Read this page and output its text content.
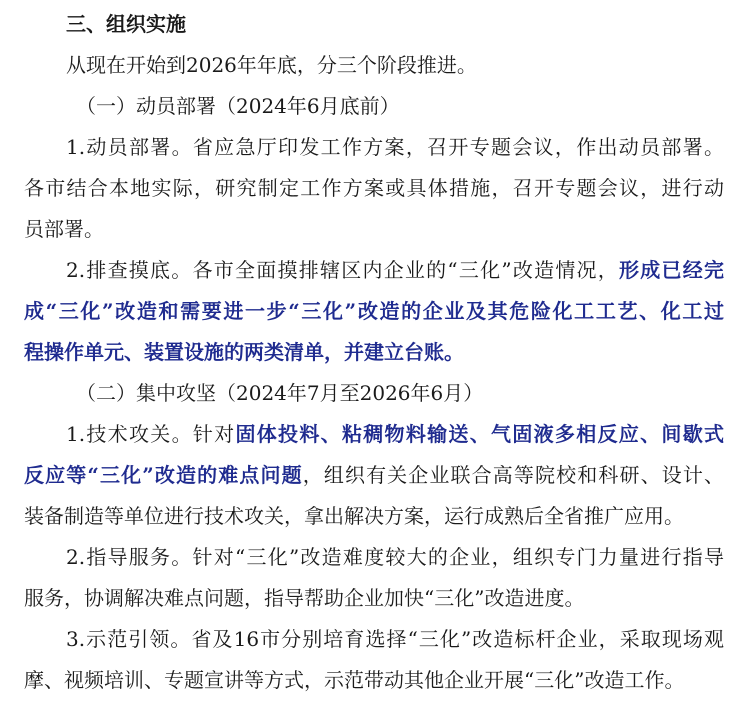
三、组织实施
从现在开始到2026年年底，分三个阶段推进。
（一）动员部署（2024年6月底前）
1.动员部署。省应急厅印发工作方案，召开专题会议，作出动员部署。
各市结合本地实际，研究制定工作方案或具体措施，召开专题会议，进行动
员部署。
2.排查摸底。各市全面摸排辖区内企业的“三化”改造情况，形成已经完
成“三化”改造和需要进一步“三化”改造的企业及其危险化工工艺、化工过
程操作单元、装置设施的两类清单，并建立台账。
（二）集中攻坚（2024年7月至2026年6月）
1.技术攻关。针对固体投料、粘稠物料输送、气固液多相反应、间歇式
反应等“三化”改造的难点问题，组织有关企业联合高等院校和科研、设计、
装备制造等单位进行技术攻关，拿出解决方案，运行成熟后全省推广应用。
2.指导服务。针对“三化”改造难度较大的企业，组织专门力量进行指导
服务，协调解决难点问题，指导帮助企业加快“三化”改造进度。
3.示范引领。省及16市分别培育选择“三化”改造标杆企业，采取现场观
摩、视频培训、专题宣讲等方式，示范带动其他企业开展“三化”改造工作。
